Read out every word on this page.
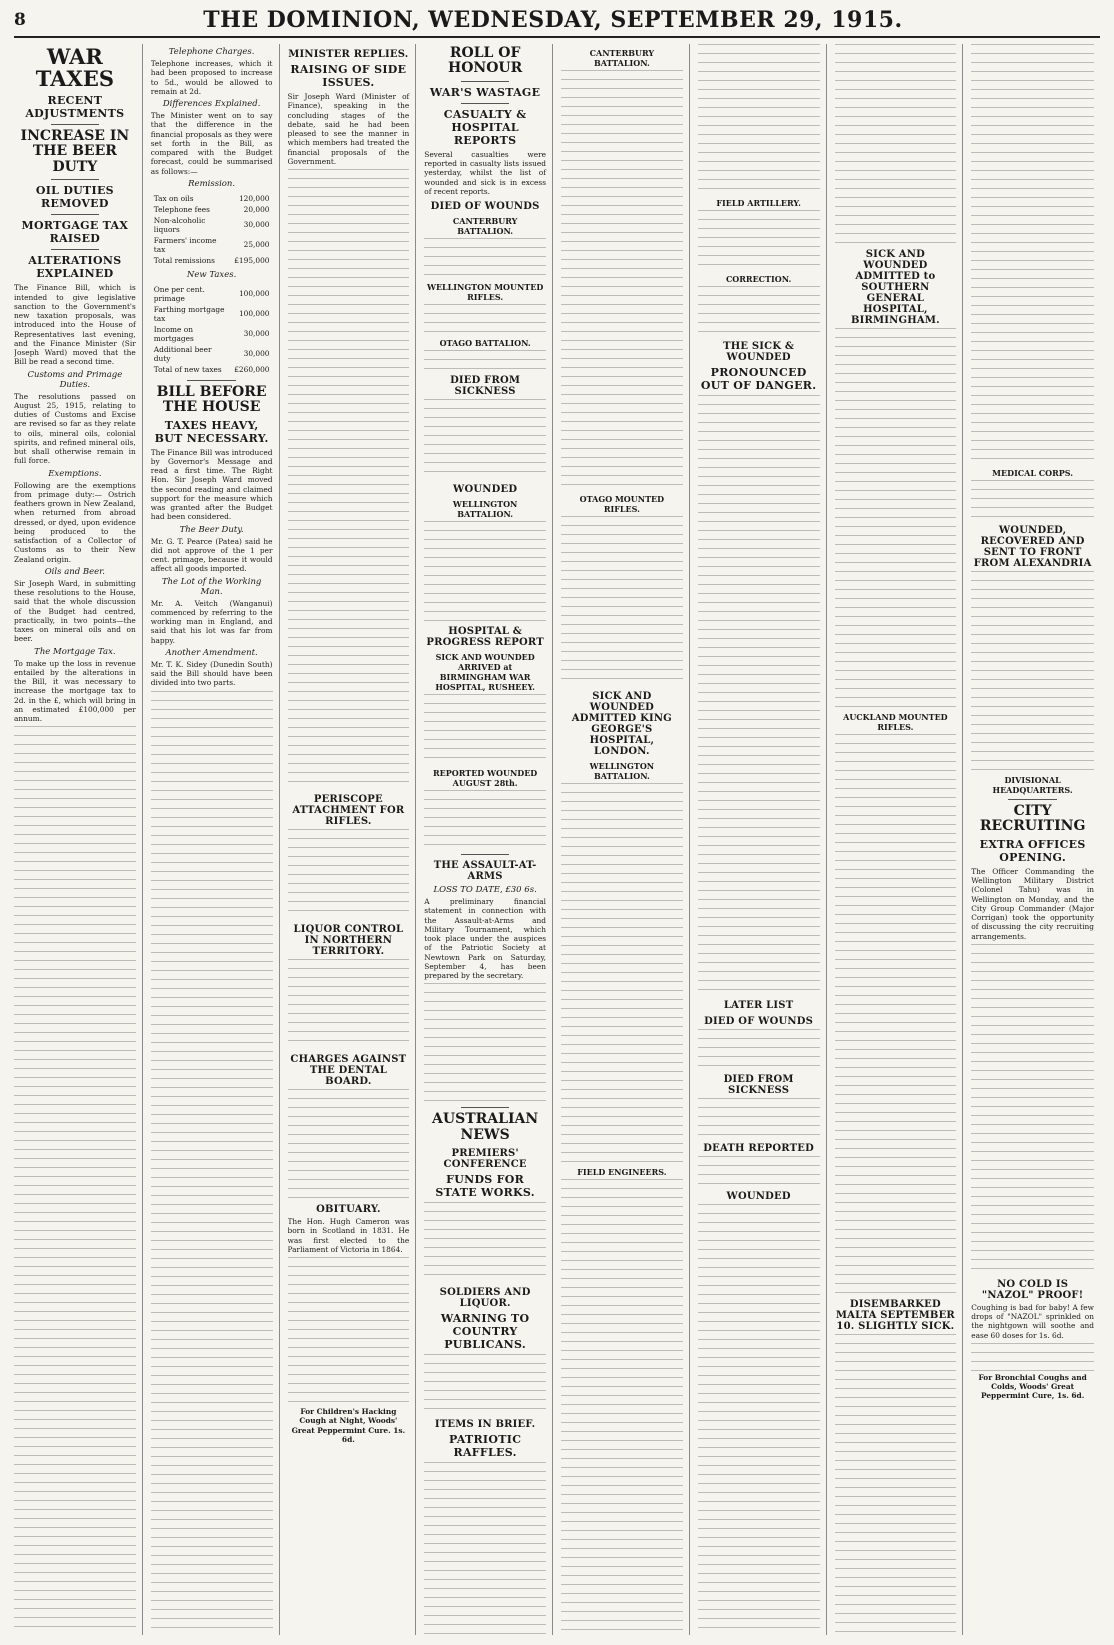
8	THE DOMINION, WEDNESDAY, SEPTEMBER 29, 1915.
WAR TAXES
RECENT ADJUSTMENTS
INCREASE IN THE BEER DUTY
OIL DUTIES REMOVED
MORTGAGE TAX RAISED
ALTERATIONS EXPLAINED

The Finance Bill, which is intended to give legislative sanction to the Government's new taxation proposals, was introduced into the House of Representatives last evening, and the Finance Minister (Sir Joseph Ward) moved that the Bill be read a second time.

Customs and Primage Duties.

The resolutions passed on August 25, 1915, relating to duties of Customs and Excise are revised so far as they relate to oils, mineral oils, colonial spirits, and refined mineral oils, but shall otherwise remain in full force.

Exemptions.

Following are the exemptions from primage duty:— Ostrich feathers grown in New Zealand, when returned from abroad dressed, or dyed, upon evidence being produced to the satisfaction of a Collector of Customs as to their New Zealand origin.

Oils and Beer.

Sir Joseph Ward, in submitting these resolutions to the House, said that the whole discussion of the Budget had centred, practically, in two points—the taxes on mineral oils and on beer.

The Mortgage Tax.

To make up the loss in revenue entailed by the alterations in the Bill, it was necessary to increase the mortgage tax to 2d. in the £, which will bring in an estimated £100,000 per annum.

Telephone Charges.

Telephone increases, which it had been proposed to increase to 5d., would be allowed to remain at 2d.

Differences Explained.

The Minister went on to say that the difference in the financial proposals as they were set forth in the Bill, as compared with the Budget forecast, could be summarised as follows:—

Remission.
Tax on oils	120,000
Telephone fees	20,000
Non-alcoholic liquors	30,000
Farmers' income tax	25,000
Total remissions	£195,000
New Taxes.
One per cent. primage	100,000
Farthing mortgage tax	100,000
Income on mortgages	30,000
Additional beer duty	30,000
Total of new taxes	£260,000
BILL BEFORE THE HOUSE
TAXES HEAVY, BUT NECESSARY.

The Finance Bill was introduced by Governor's Message and read a first time. The Right Hon. Sir Joseph Ward moved the second reading and claimed support for the measure which was granted after the Budget had been considered.

The Beer Duty.

Mr. G. T. Pearce (Patea) said he did not approve of the 1 per cent. primage, because it would affect all goods imported.

The Lot of the Working Man.

Mr. A. Veitch (Wanganui) commenced by referring to the working man in England, and said that his lot was far from happy.

Another Amendment.

Mr. T. K. Sidey (Dunedin South) said the Bill should have been divided into two parts.

MINISTER REPLIES.
RAISING OF SIDE ISSUES.

Sir Joseph Ward (Minister of Finance), speaking in the concluding stages of the debate, said he had been pleased to see the manner in which members had treated the financial proposals of the Government.

PERISCOPE ATTACHMENT FOR RIFLES.
LIQUOR CONTROL IN NORTHERN TERRITORY.
CHARGES AGAINST THE DENTAL BOARD.
OBITUARY.

The Hon. Hugh Cameron was born in Scotland in 1831. He was first elected to the Parliament of Victoria in 1864.

For Children's Hacking Cough at Night, Woods' Great Peppermint Cure. 1s. 6d.

ROLL OF HONOUR
WAR'S WASTAGE
CASUALTY & HOSPITAL REPORTS

Several casualties were reported in casualty lists issued yesterday, whilst the list of wounded and sick is in excess of recent reports.

DIED OF WOUNDS
CANTERBURY BATTALION.
WELLINGTON MOUNTED RIFLES.
OTAGO BATTALION.
DIED FROM SICKNESS
WOUNDED
WELLINGTON BATTALION.
HOSPITAL & PROGRESS REPORT
SICK AND WOUNDED ARRIVED at BIRMINGHAM WAR HOSPITAL, RUSHEEY.
REPORTED WOUNDED AUGUST 28th.
THE ASSAULT-AT-ARMS
LOSS TO DATE, £30 6s.

A preliminary financial statement in connection with the Assault-at-Arms and Military Tournament, which took place under the auspices of the Patriotic Society at Newtown Park on Saturday, September 4, has been prepared by the secretary.

AUSTRALIAN NEWS
PREMIERS' CONFERENCE
FUNDS FOR STATE WORKS.
SOLDIERS AND LIQUOR.
WARNING TO COUNTRY PUBLICANS.
ITEMS IN BRIEF.
PATRIOTIC RAFFLES.
CANTERBURY BATTALION.
OTAGO MOUNTED RIFLES.
SICK AND WOUNDED ADMITTED KING GEORGE'S HOSPITAL, LONDON.
WELLINGTON BATTALION.
FIELD ENGINEERS.
FIELD ARTILLERY.
CORRECTION.
THE SICK & WOUNDED
PRONOUNCED OUT OF DANGER.
LATER LIST
DIED OF WOUNDS
DIED FROM SICKNESS
DEATH REPORTED
WOUNDED
SICK AND WOUNDED ADMITTED to SOUTHERN GENERAL HOSPITAL, BIRMINGHAM.
AUCKLAND MOUNTED RIFLES.
DISEMBARKED MALTA SEPTEMBER 10. SLIGHTLY SICK.
MEDICAL CORPS.
WOUNDED, RECOVERED AND SENT TO FRONT FROM ALEXANDRIA
DIVISIONAL HEADQUARTERS.
CITY RECRUITING
EXTRA OFFICES OPENING.

The Officer Commanding the Wellington Military District (Colonel Tahu) was in Wellington on Monday, and the City Group Commander (Major Corrigan) took the opportunity of discussing the city recruiting arrangements.

NO COLD IS "NAZOL" PROOF!

Coughing is bad for baby! A few drops of "NAZOL" sprinkled on the nightgown will soothe and ease 60 doses for 1s. 6d.

For Bronchial Coughs and Colds, Woods' Great Peppermint Cure, 1s. 6d.
